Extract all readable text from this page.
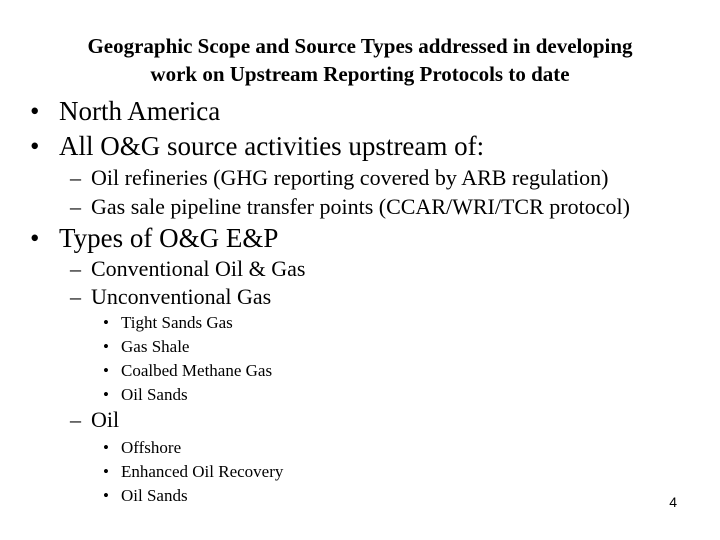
Geographic Scope and Source Types addressed in developing
work on Upstream Reporting Protocols to date
• North America
• All O&G source activities upstream of:
– Oil refineries (GHG reporting covered by ARB regulation)
– Gas sale pipeline transfer points (CCAR/WRI/TCR protocol)
• Types of O&G E&P
– Conventional Oil & Gas
– Unconventional Gas
• Tight Sands Gas
• Gas Shale
• Coalbed Methane Gas
• Oil Sands
– Oil
• Offshore
• Enhanced Oil Recovery
• Oil Sands	4
